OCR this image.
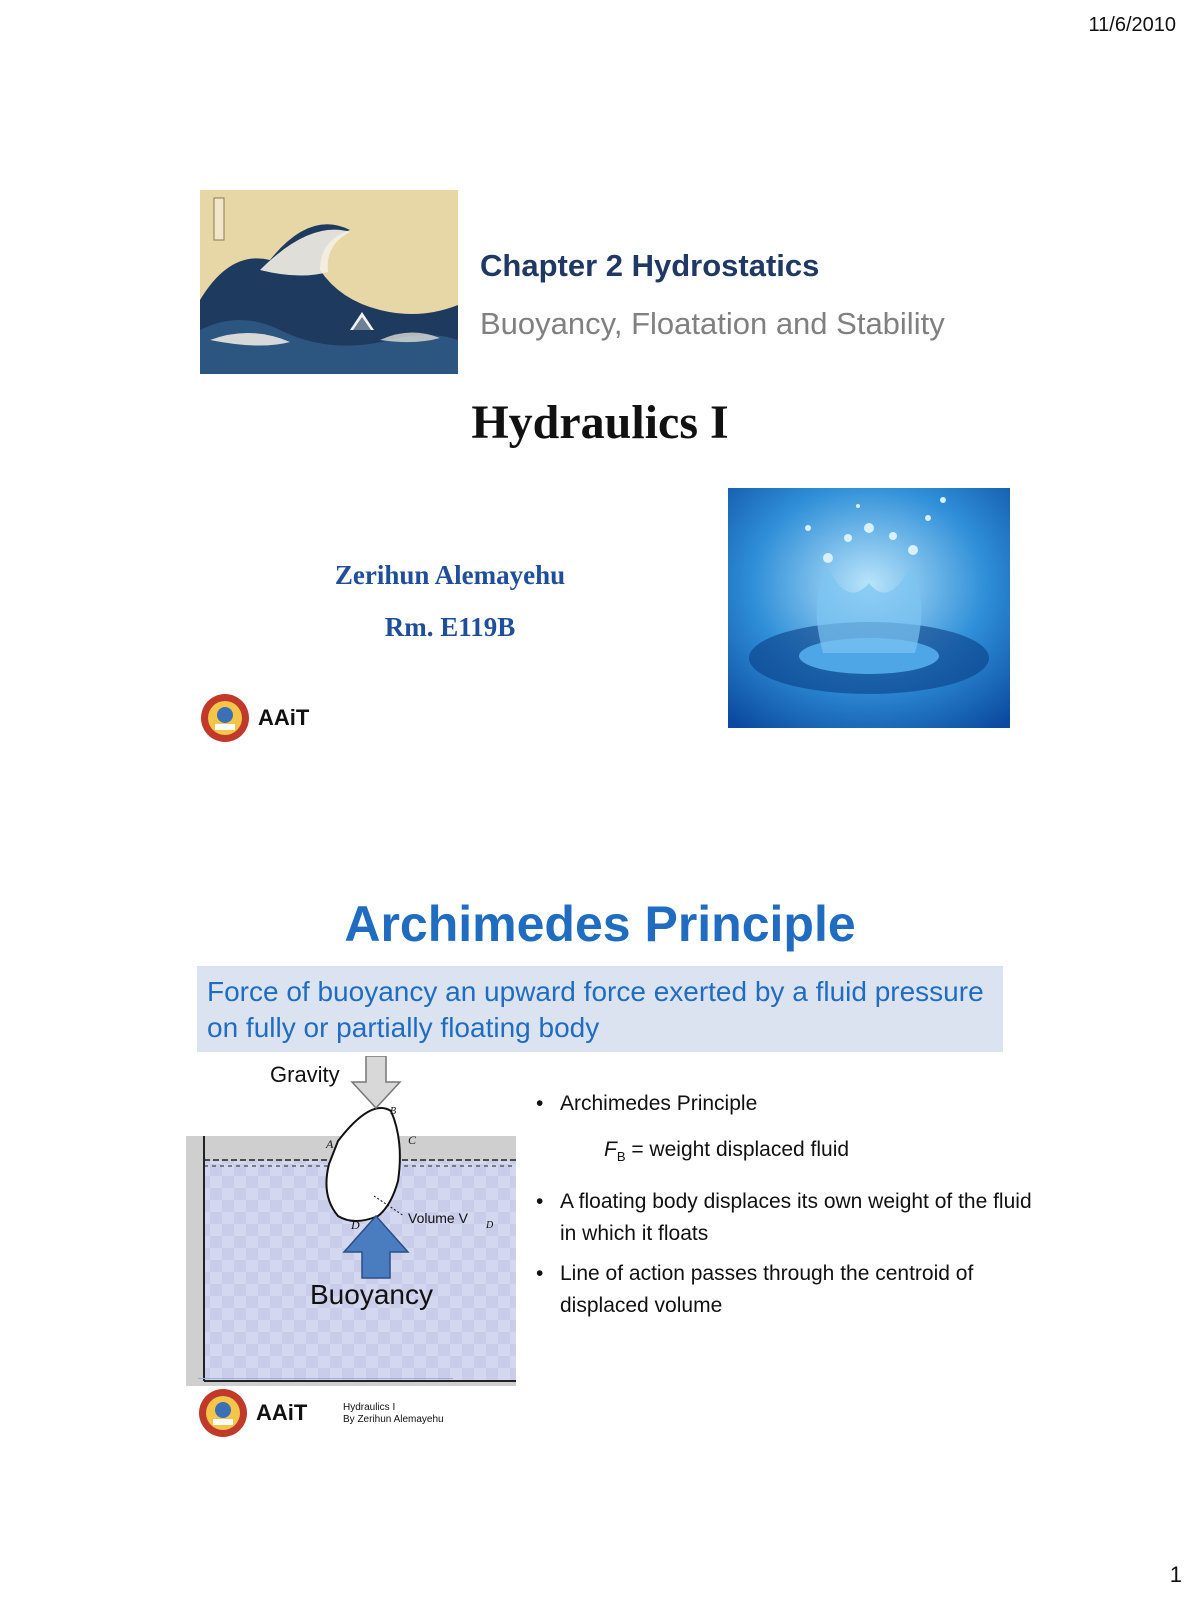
11/6/2010
Chapter 2 Hydrostatics
Buoyancy, Floatation and Stability
Hydraulics I
Zerihun Alemayehu
Rm. E119B
AAiT
Archimedes Principle
Force of buoyancy an upward force exerted by a fluid pressure on fully or partially floating body
A
B
C
D	Volume V D
Gravity
Buoyancy
• Archimedes Principle
$F_B$ = weight displaced fluid
• A floating body displaces its own weight of the fluid in which it floats
• Line of action passes through the centroid of displaced volume
AAiT	Hydraulics I
By Zerihun Alemayehu
1
